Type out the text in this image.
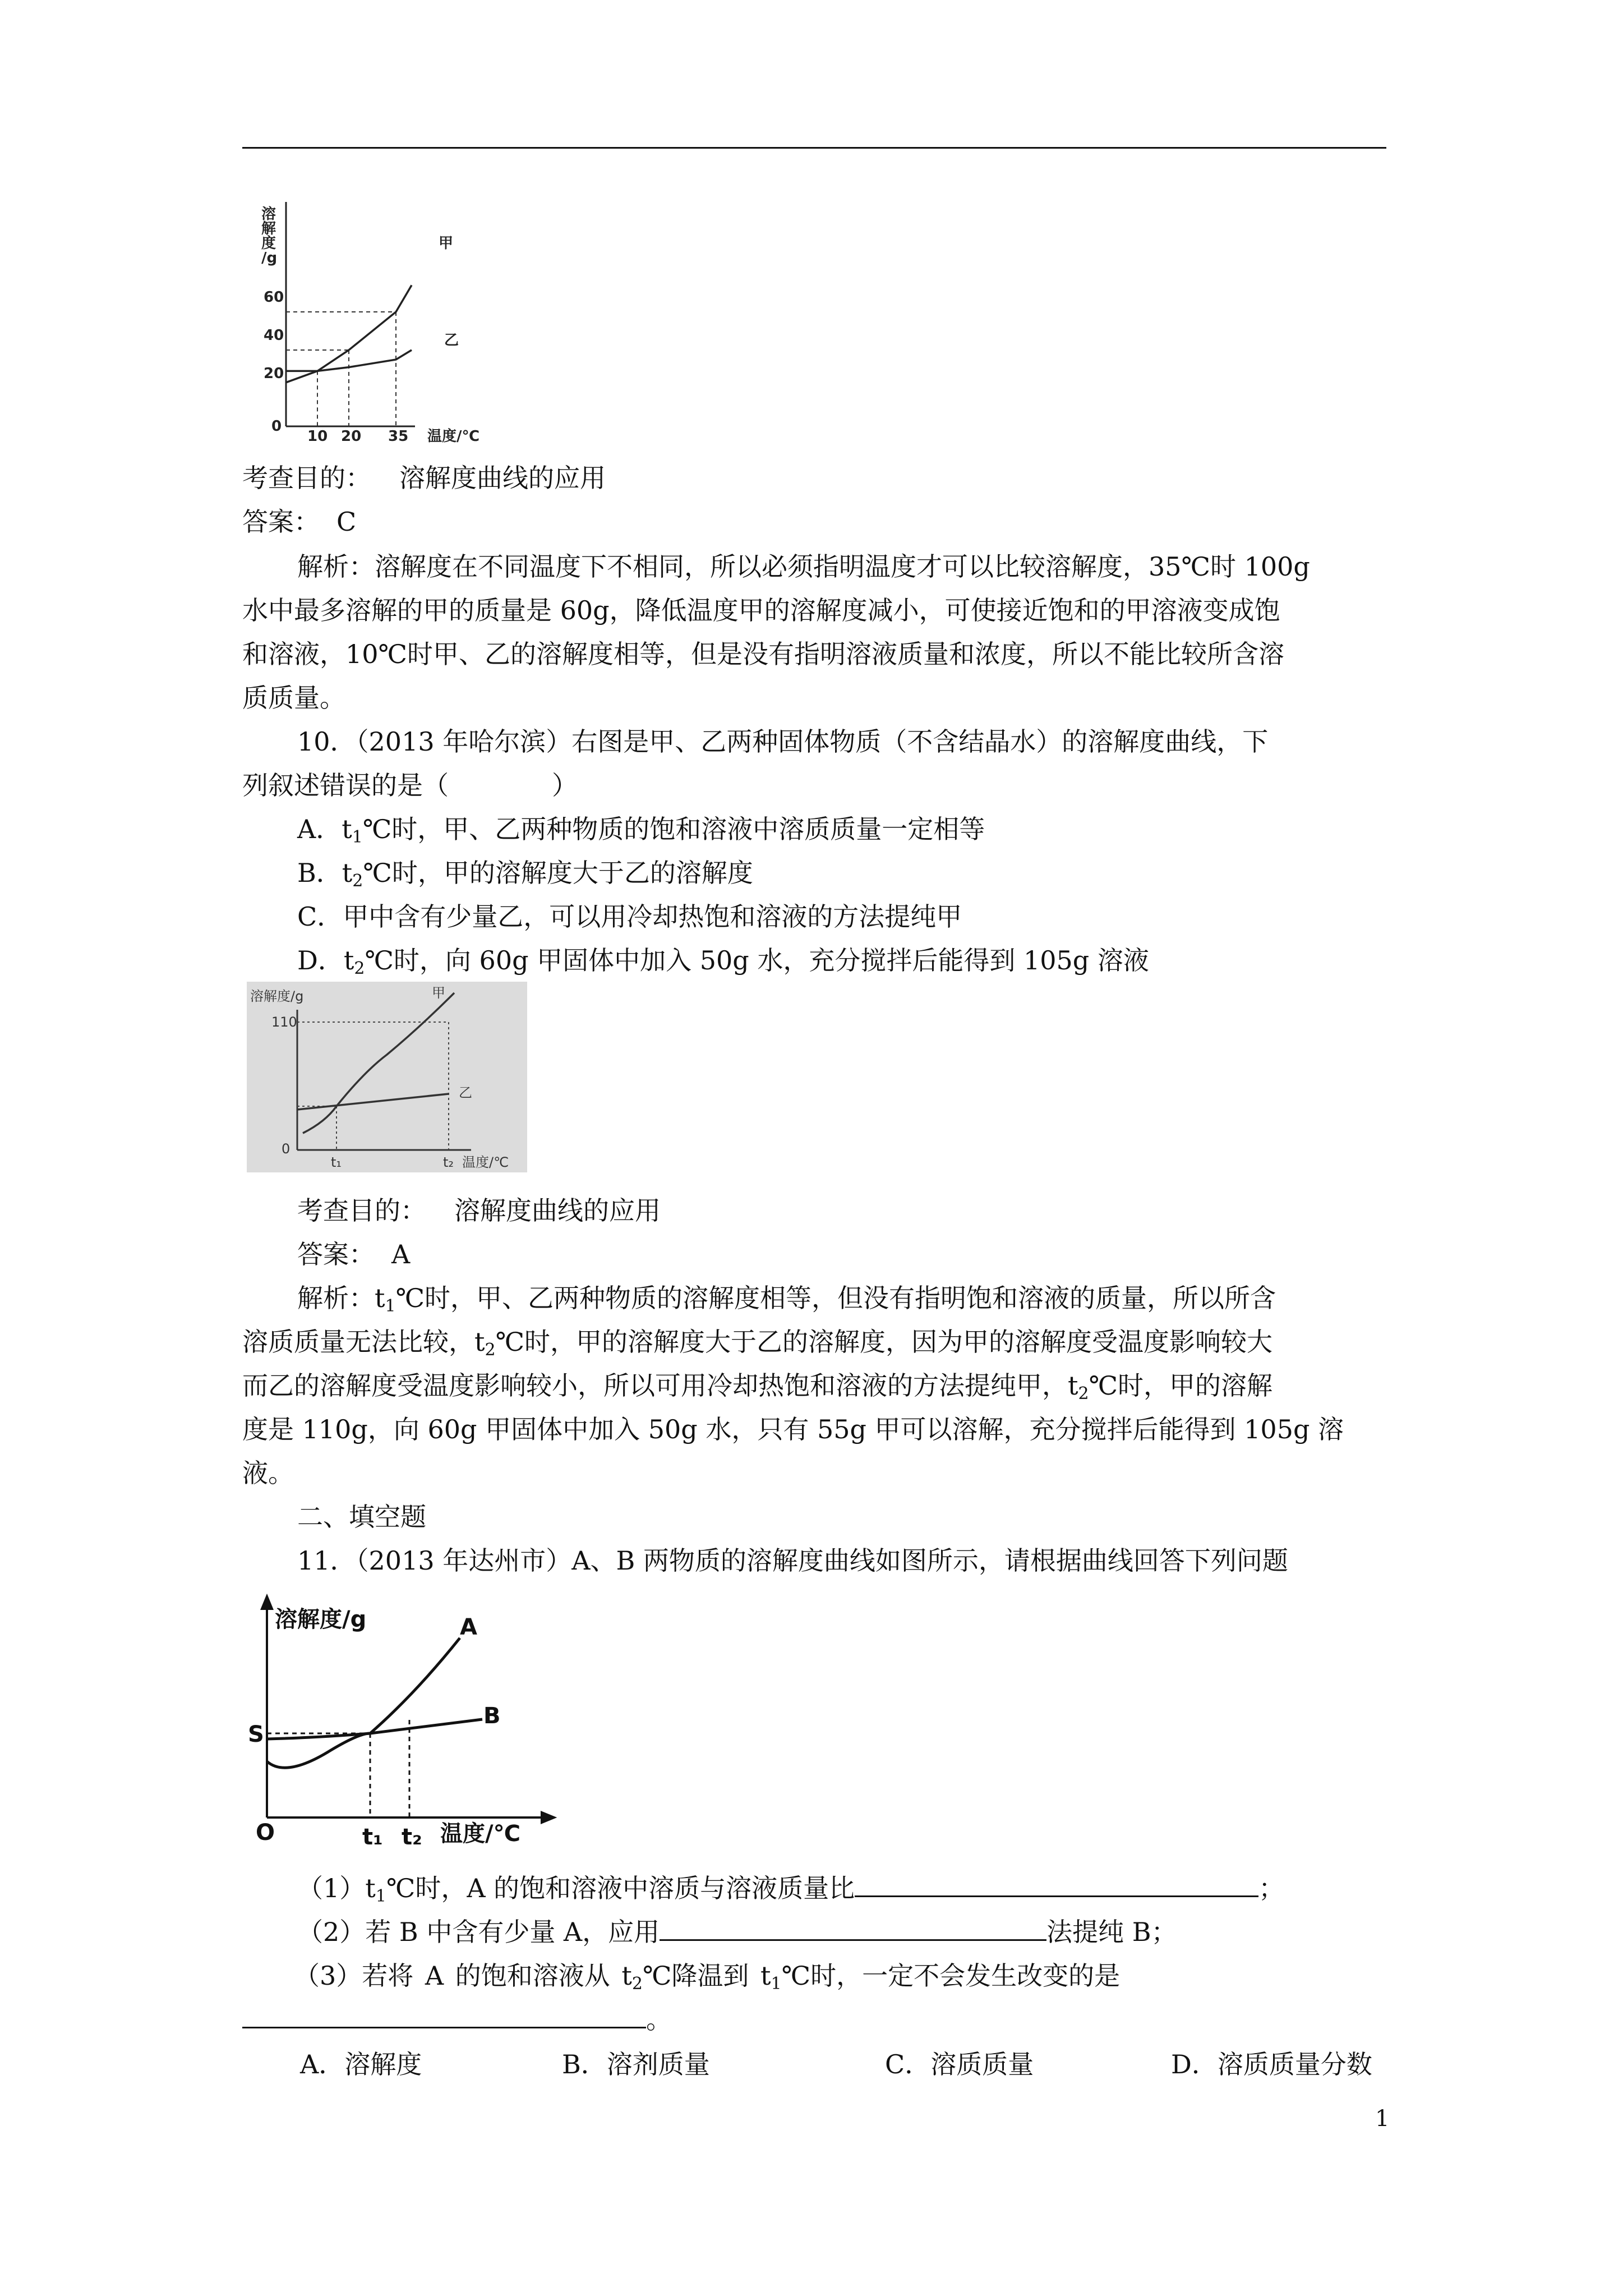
溶
解
度
/g
0
20
40
60
10 20 35 温度/℃
甲
乙
考查目的： 溶解度曲线的应用
答案： C
解析：溶解度在不同温度下不相同，所以必须指明温度才可以比较溶解度，35℃时 100g
水中最多溶解的甲的质量是 60g，降低温度甲的溶解度减小，可使接近饱和的甲溶液变成饱
和溶液，10℃时甲、乙的溶解度相等，但是没有指明溶液质量和浓度，所以不能比较所含溶
质质量。
10．（2013 年哈尔滨）右图是甲、乙两种固体物质（不含结晶水）的溶解度曲线，下
列叙述错误的是（　　　　）
A．$t_1℃$时，甲、乙两种物质的饱和溶液中溶质质量一定相等
B．$t_2℃$时，甲的溶解度大于乙的溶解度
C．甲中含有少量乙，可以用冷却热饱和溶液的方法提纯甲
D．$t_2℃$时，向 60g 甲固体中加入 50g 水，充分搅拌后能得到 105g 溶液
溶解度/g
110
0
t₁	t₂ 温度/℃
甲
乙
考查目的： 溶解度曲线的应用
答案： A
解析：$t_1℃$时，甲、乙两种物质的溶解度相等，但没有指明饱和溶液的质量，所以所含
溶质质量无法比较，$t_2℃$时，甲的溶解度大于乙的溶解度，因为甲的溶解度受温度影响较大
而乙的溶解度受温度影响较小，所以可用冷却热饱和溶液的方法提纯甲，$t_2℃$时，甲的溶解
度是 110g，向 60g 甲固体中加入 50g 水，只有 55g 甲可以溶解，充分搅拌后能得到 105g 溶
液。
二、填空题
11．（2013 年达州市）A、B 两物质的溶解度曲线如图所示，请根据曲线回答下列问题
溶解度/g	A
B
S
O	t₁ t₂ 温度/℃
$(1)t_1℃$时，A 的饱和溶液中溶质与溶液质量比	；
（2）若 B 中含有少量 A，应用	法提纯 B；
（3）若将 A 的饱和溶液从 $t_2℃$降温到 $t_1℃$时，一定不会发生改变的是
。
A．溶解度	B．溶剂质量	C．溶质质量	D．溶质质量分数
1
